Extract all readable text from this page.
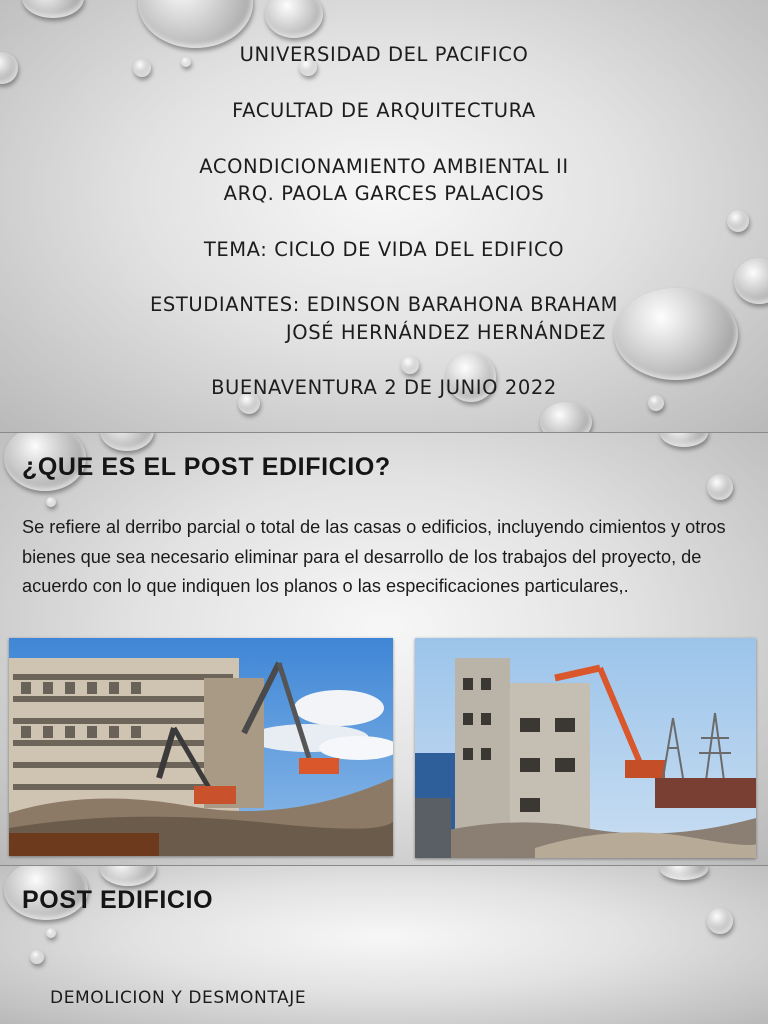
UNIVERSIDAD DEL PACIFICO
FACULTAD DE ARQUITECTURA
ACONDICIONAMIENTO AMBIENTAL II
ARQ. PAOLA GARCES PALACIOS
TEMA: CICLO DE VIDA DEL EDIFICO
ESTUDIANTES: EDINSON BARAHONA BRAHAM
JOSÉ HERNÁNDEZ HERNÁNDEZ
BUENAVENTURA 2 DE JUNIO 2022
¿QUE ES EL POST EDIFICIO?
Se refiere al derribo parcial o total de las casas o edificios, incluyendo cimientos y otros bienes que sea necesario eliminar para el desarrollo de los trabajos del proyecto, de acuerdo con lo que indiquen los planos o las especificaciones particulares,.
POST EDIFICIO
DEMOLICION Y DESMONTAJE
